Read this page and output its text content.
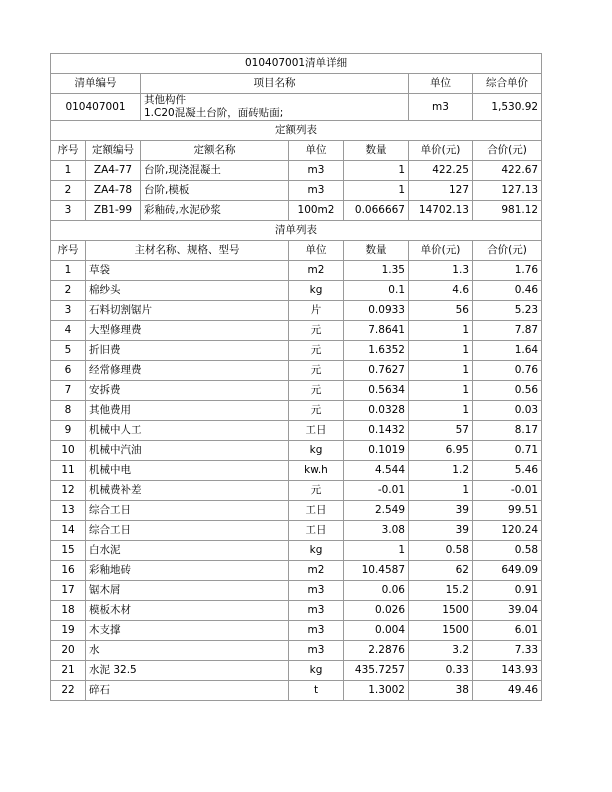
010407001清单详细						
清单编号		项目名称			单位	综合单价
010407001		其他构件
1.C20混凝土台阶，面砖贴面;			m3	1,530.92
定额列表						
序号	定额编号	定额名称	单位	数量	单价(元)	合价(元)
1	ZA4-77	台阶,现浇混凝土	m3	1	422.25	422.67
2	ZA4-78	台阶,模板	m3	1	127	127.13
3	ZB1-99	彩釉砖,水泥砂浆	100m2	0.066667	14702.13	981.12
清单列表						
序号	主材名称、规格、型号		单位	数量	单价(元)	合价(元)
1	草袋		m2	1.35	1.3	1.76
2	棉纱头		kg	0.1	4.6	0.46
3	石料切割锯片		片	0.0933	56	5.23
4	大型修理费		元	7.8641	1	7.87
5	折旧费		元	1.6352	1	1.64
6	经常修理费		元	0.7627	1	0.76
7	安拆费		元	0.5634	1	0.56
8	其他费用		元	0.0328	1	0.03
9	机械中人工		工日	0.1432	57	8.17
10	机械中汽油		kg	0.1019	6.95	0.71
11	机械中电		kw.h	4.544	1.2	5.46
12	机械费补差		元	-0.01	1	-0.01
13	综合工日		工日	2.549	39	99.51
14	综合工日		工日	3.08	39	120.24
15	白水泥		kg	1	0.58	0.58
16	彩釉地砖		m2	10.4587	62	649.09
17	锯木屑		m3	0.06	15.2	0.91
18	模板木材		m3	0.026	1500	39.04
19	木支撑		m3	0.004	1500	6.01
20	水		m3	2.2876	3.2	7.33
21	水泥 32.5		kg	435.7257	0.33	143.93
22	碎石		t	1.3002	38	49.46
